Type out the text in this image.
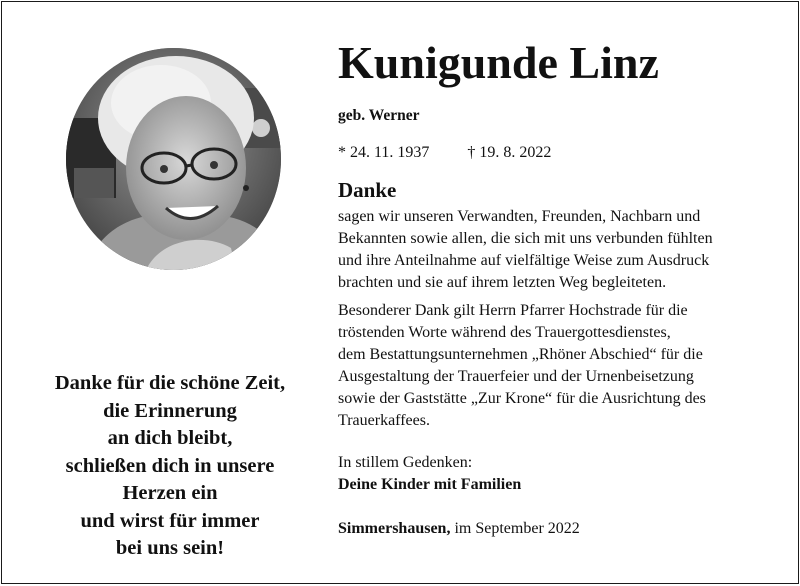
Danke für die schöne Zeit,
die Erinnerung
an dich bleibt,
schließen dich in unsere
Herzen ein
und wirst für immer
bei uns sein!
Kunigunde Linz
geb. Werner
* 24. 11. 1937 † 19. 8. 2022
Danke
sagen wir unseren Verwandten, Freunden, Nachbarn und
Bekannten sowie allen, die sich mit uns verbunden fühlten
und ihre Anteilnahme auf vielfältige Weise zum Ausdruck
brachten und sie auf ihrem letzten Weg begleiteten.
Besonderer Dank gilt Herrn Pfarrer Hochstrade für die
tröstenden Worte während des Trauergottesdienstes,
dem Bestattungsunternehmen „Rhöner Abschied“ für die
Ausgestaltung der Trauerfeier und der Urnenbeisetzung
sowie der Gaststätte „Zur Krone“ für die Ausrichtung des
Trauerkaffees.
In stillem Gedenken:
Deine Kinder mit Familien
Simmershausen, im September 2022
